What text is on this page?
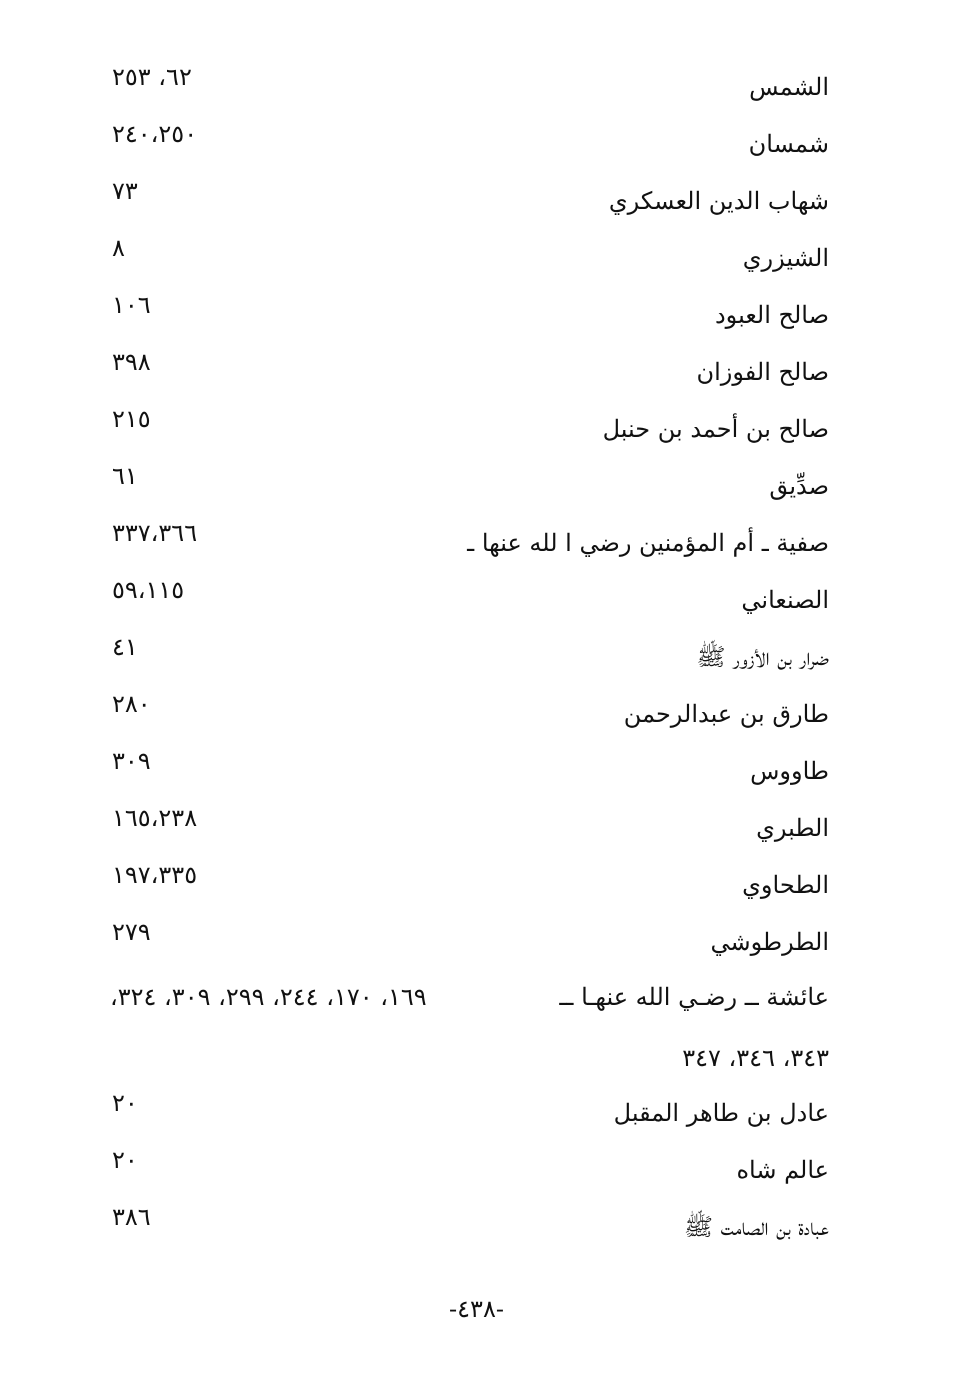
الشمس
٦٢، ٢٥٣
شمسان
٢٤٠،٢٥٠
شهاب الدين العسكري
٧٣
الشيزري
٨
صالح العبود
١٠٦
صالح الفوزان
٣٩٨
صالح بن أحمد بن حنبل
٢١٥
صدِّيق
٦١
صفية ـ أم المؤمنين رضي ا لله عنها ـ
٣٣٧،٣٦٦
الصنعاني
٥٩،١١٥
ضرار بن الأزور ﷺ
٤١
طارق بن عبدالرحمن
٢٨٠
طاووس
٣٠٩
الطبري
١٦٥،٢٣٨
الطحاوي
١٩٧،٣٣٥
الطرطوشي
٢٧٩
عائشة ــ رضـي الله عنهـا ــ
١٦٩، ١٧٠، ٢٤٤، ٢٩٩، ٣٠٩، ٣٢٤،
٣٤٣، ٣٤٦، ٣٤٧
عادل بن طاهر المقبل
٢٠
عالم شاه
٢٠
عبادة بن الصامت ﷺ
٣٨٦
-٤٣٨-
